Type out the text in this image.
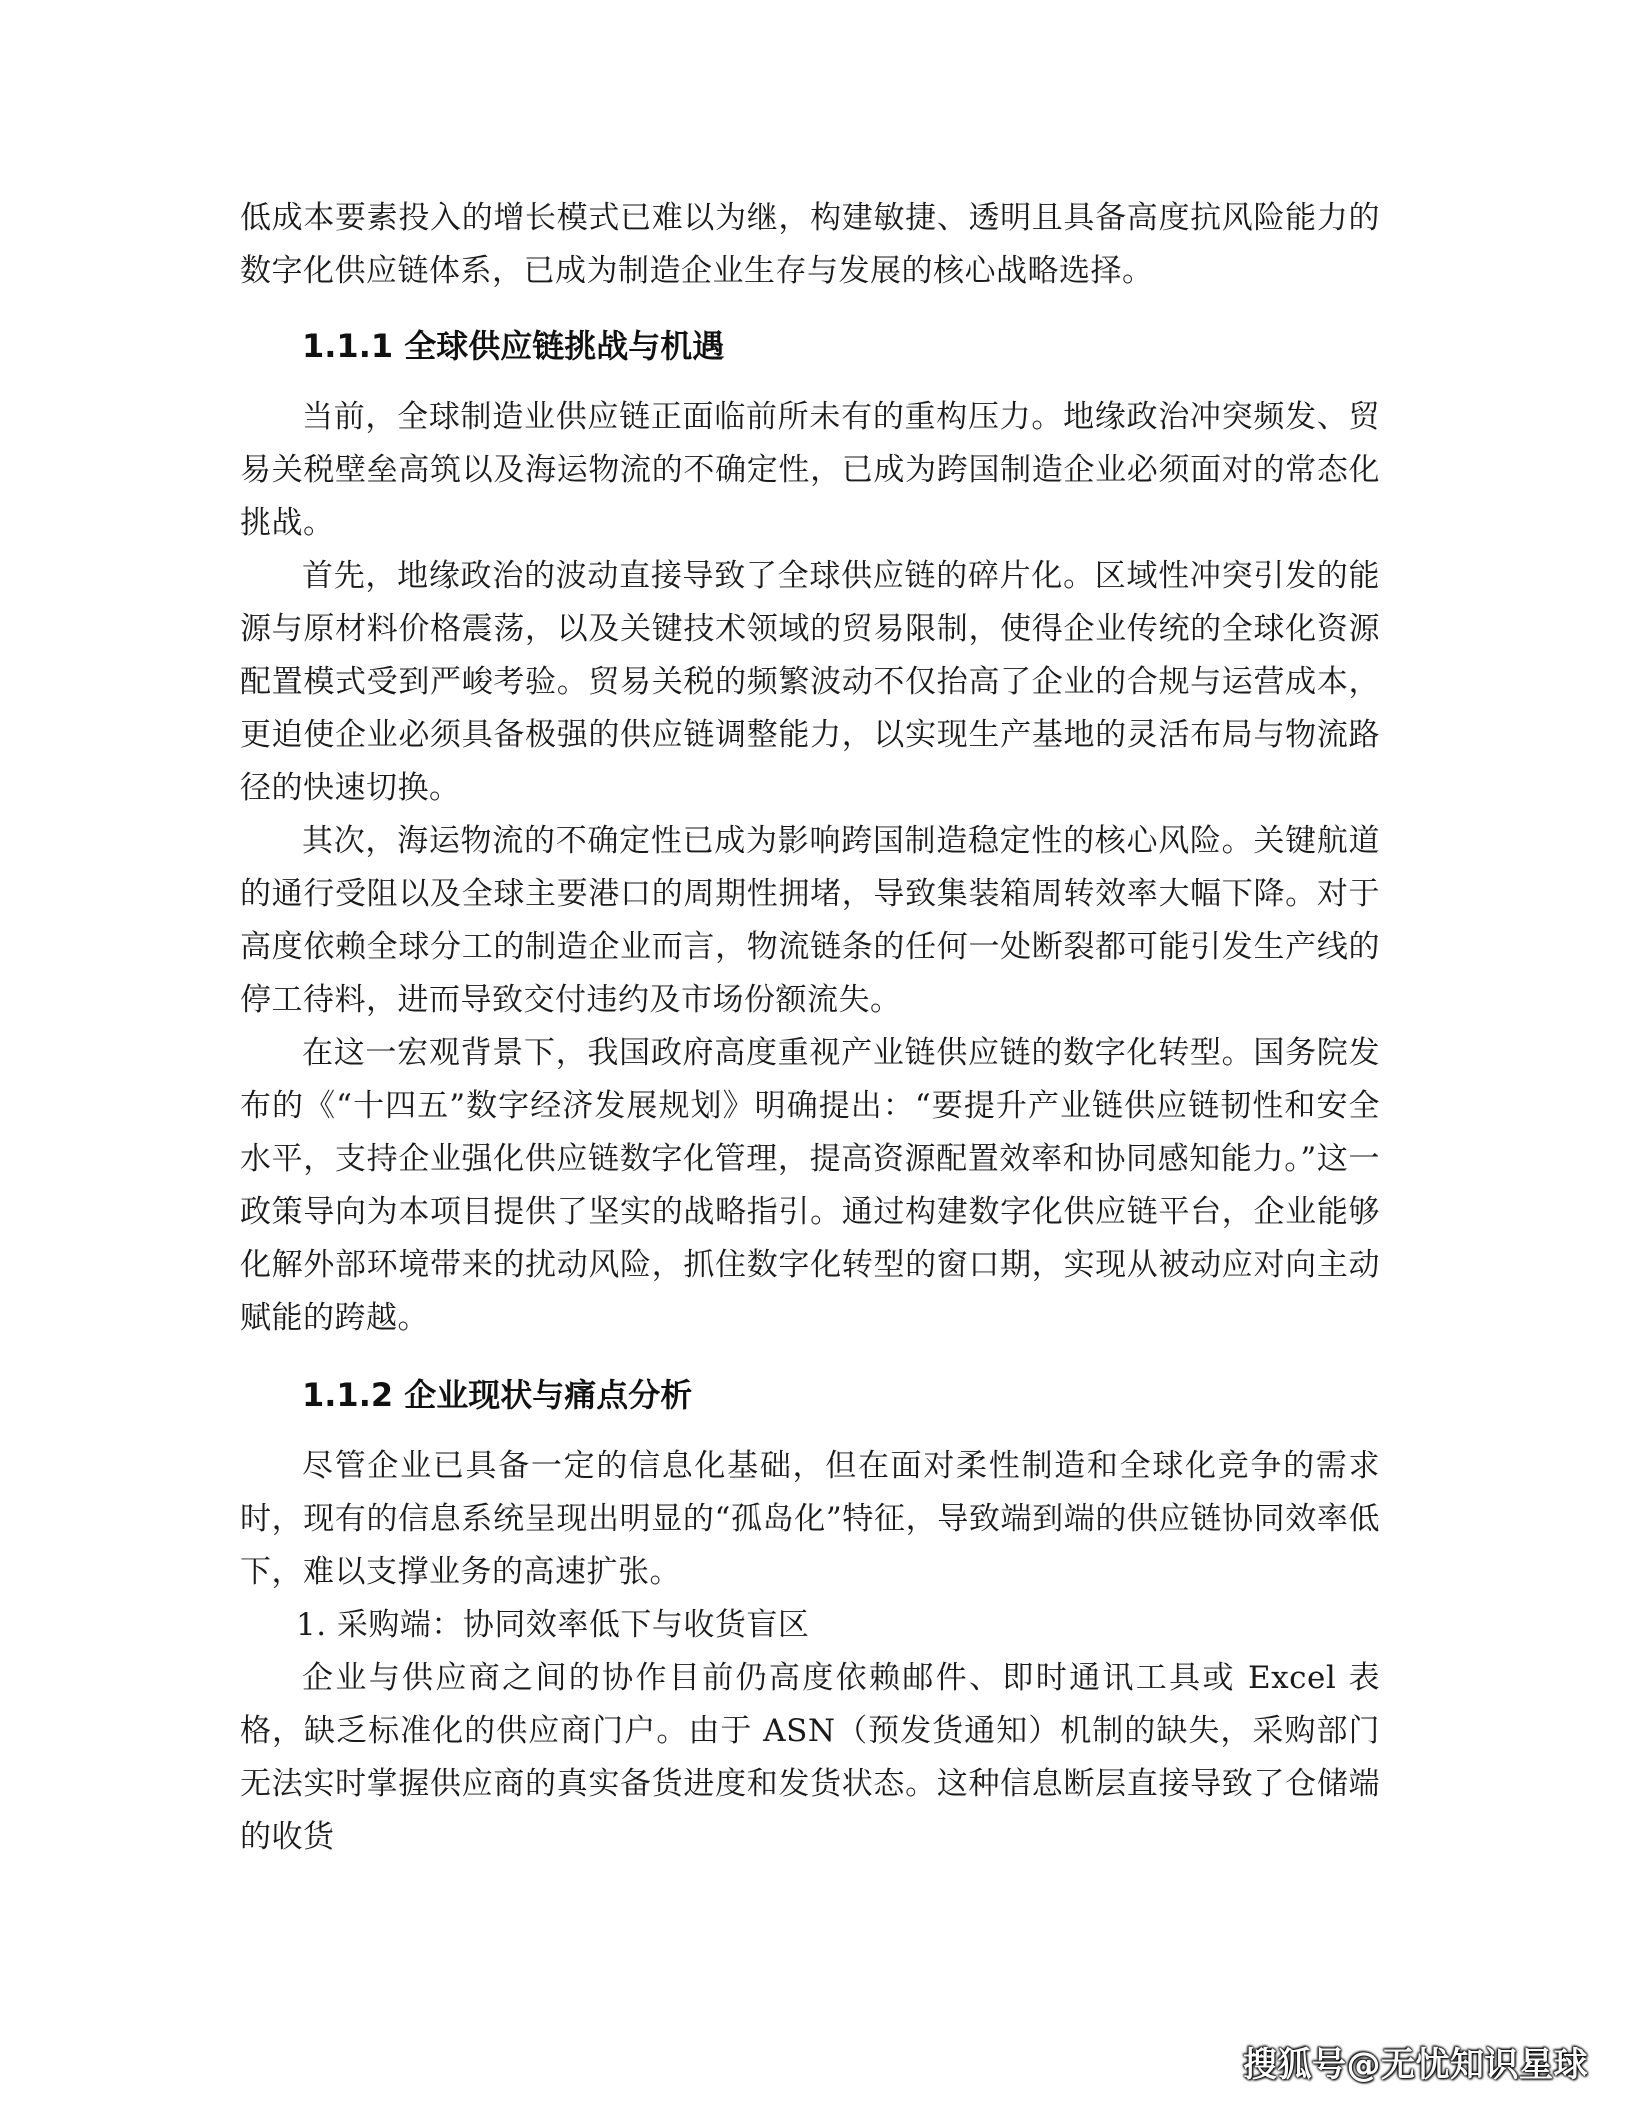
低成本要素投入的增长模式已难以为继，构建敏捷、透明且具备高度抗风险能力的数字化供应链体系，已成为制造企业生存与发展的核心战略选择。

1.1.1 全球供应链挑战与机遇

当前，全球制造业供应链正面临前所未有的重构压力。地缘政治冲突频发、贸易关税壁垒高筑以及海运物流的不确定性，已成为跨国制造企业必须面对的常态化挑战。

首先，地缘政治的波动直接导致了全球供应链的碎片化。区域性冲突引发的能源与原材料价格震荡，以及关键技术领域的贸易限制，使得企业传统的全球化资源配置模式受到严峻考验。贸易关税的频繁波动不仅抬高了企业的合规与运营成本，更迫使企业必须具备极强的供应链调整能力，以实现生产基地的灵活布局与物流路径的快速切换。

其次，海运物流的不确定性已成为影响跨国制造稳定性的核心风险。关键航道的通行受阻以及全球主要港口的周期性拥堵，导致集装箱周转效率大幅下降。对于高度依赖全球分工的制造企业而言，物流链条的任何一处断裂都可能引发生产线的停工待料，进而导致交付违约及市场份额流失。

在这一宏观背景下，我国政府高度重视产业链供应链的数字化转型。国务院发布的《“十四五”数字经济发展规划》明确提出：“要提升产业链供应链韧性和安全水平，支持企业强化供应链数字化管理，提高资源配置效率和协同感知能力。”这一政策导向为本项目提供了坚实的战略指引。通过构建数字化供应链平台，企业能够化解外部环境带来的扰动风险，抓住数字化转型的窗口期，实现从被动应对向主动赋能的跨越。

1.1.2 企业现状与痛点分析

尽管企业已具备一定的信息化基础，但在面对柔性制造和全球化竞争的需求时，现有的信息系统呈现出明显的“孤岛化”特征，导致端到端的供应链协同效率低下，难以支撑业务的高速扩张。

1. 采购端：协同效率低下与收货盲区

企业与供应商之间的协作目前仍高度依赖邮件、即时通讯工具或 Excel 表格，缺乏标准化的供应商门户。由于 ASN（预发货通知）机制的缺失，采购部门无法实时掌握供应商的真实备货进度和发货状态。这种信息断层直接导致了仓储端的收货

搜狐号@无忧知识星球
